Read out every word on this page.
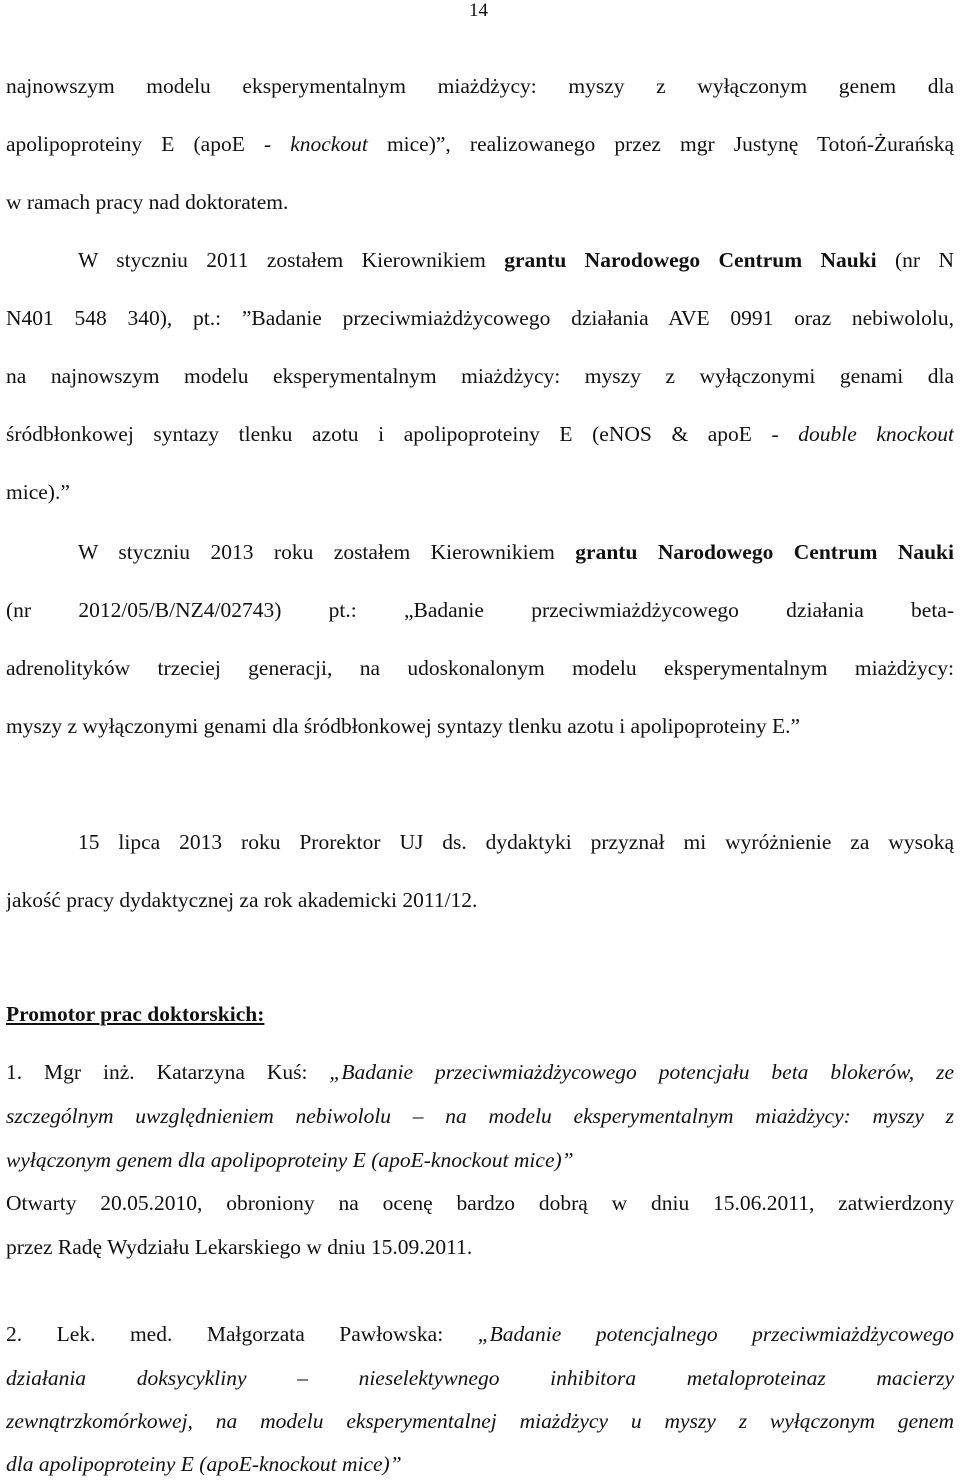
14
najnowszym modelu eksperymentalnym miażdżycy: myszy z wyłączonym genem dla
apolipoproteiny E (apoE - knockout mice)”, realizowanego przez mgr Justynę Totoń-Żurańską
w ramach pracy nad doktoratem.
W styczniu 2011 zostałem Kierownikiem grantu Narodowego Centrum Nauki (nr N
N401 548 340), pt.: ”Badanie przeciwmiażdżycowego działania AVE 0991 oraz nebiwololu,
na najnowszym modelu eksperymentalnym miażdżycy: myszy z wyłączonymi genami dla
śródbłonkowej syntazy tlenku azotu i apolipoproteiny E (eNOS & apoE - double knockout
mice).”
W styczniu 2013 roku zostałem Kierownikiem grantu Narodowego Centrum Nauki
(nr 2012/05/B/NZ4/02743) pt.: „Badanie przeciwmiażdżycowego działania beta-
adrenolityków trzeciej generacji, na udoskonalonym modelu eksperymentalnym miażdżycy:
myszy z wyłączonymi genami dla śródbłonkowej syntazy tlenku azotu i apolipoproteiny E.”
15 lipca 2013 roku Prorektor UJ ds. dydaktyki przyznał mi wyróżnienie za wysoką
jakość pracy dydaktycznej za rok akademicki 2011/12.
Promotor prac doktorskich:
1. Mgr inż. Katarzyna Kuś: „Badanie przeciwmiażdżycowego potencjału beta blokerów, ze
szczególnym uwzględnieniem nebiwololu – na modelu eksperymentalnym miażdżycy: myszy z
wyłączonym genem dla apolipoproteiny E (apoE-knockout mice)”
Otwarty 20.05.2010, obroniony na ocenę bardzo dobrą w dniu 15.06.2011, zatwierdzony
przez Radę Wydziału Lekarskiego w dniu 15.09.2011.
2. Lek. med. Małgorzata Pawłowska: „Badanie potencjalnego przeciwmiażdżycowego
działania doksycykliny – nieselektywnego inhibitora metaloproteinaz macierzy
zewnątrzkomórkowej, na modelu eksperymentalnej miażdżycy u myszy z wyłączonym genem
dla apolipoproteiny E (apoE-knockout mice)”
